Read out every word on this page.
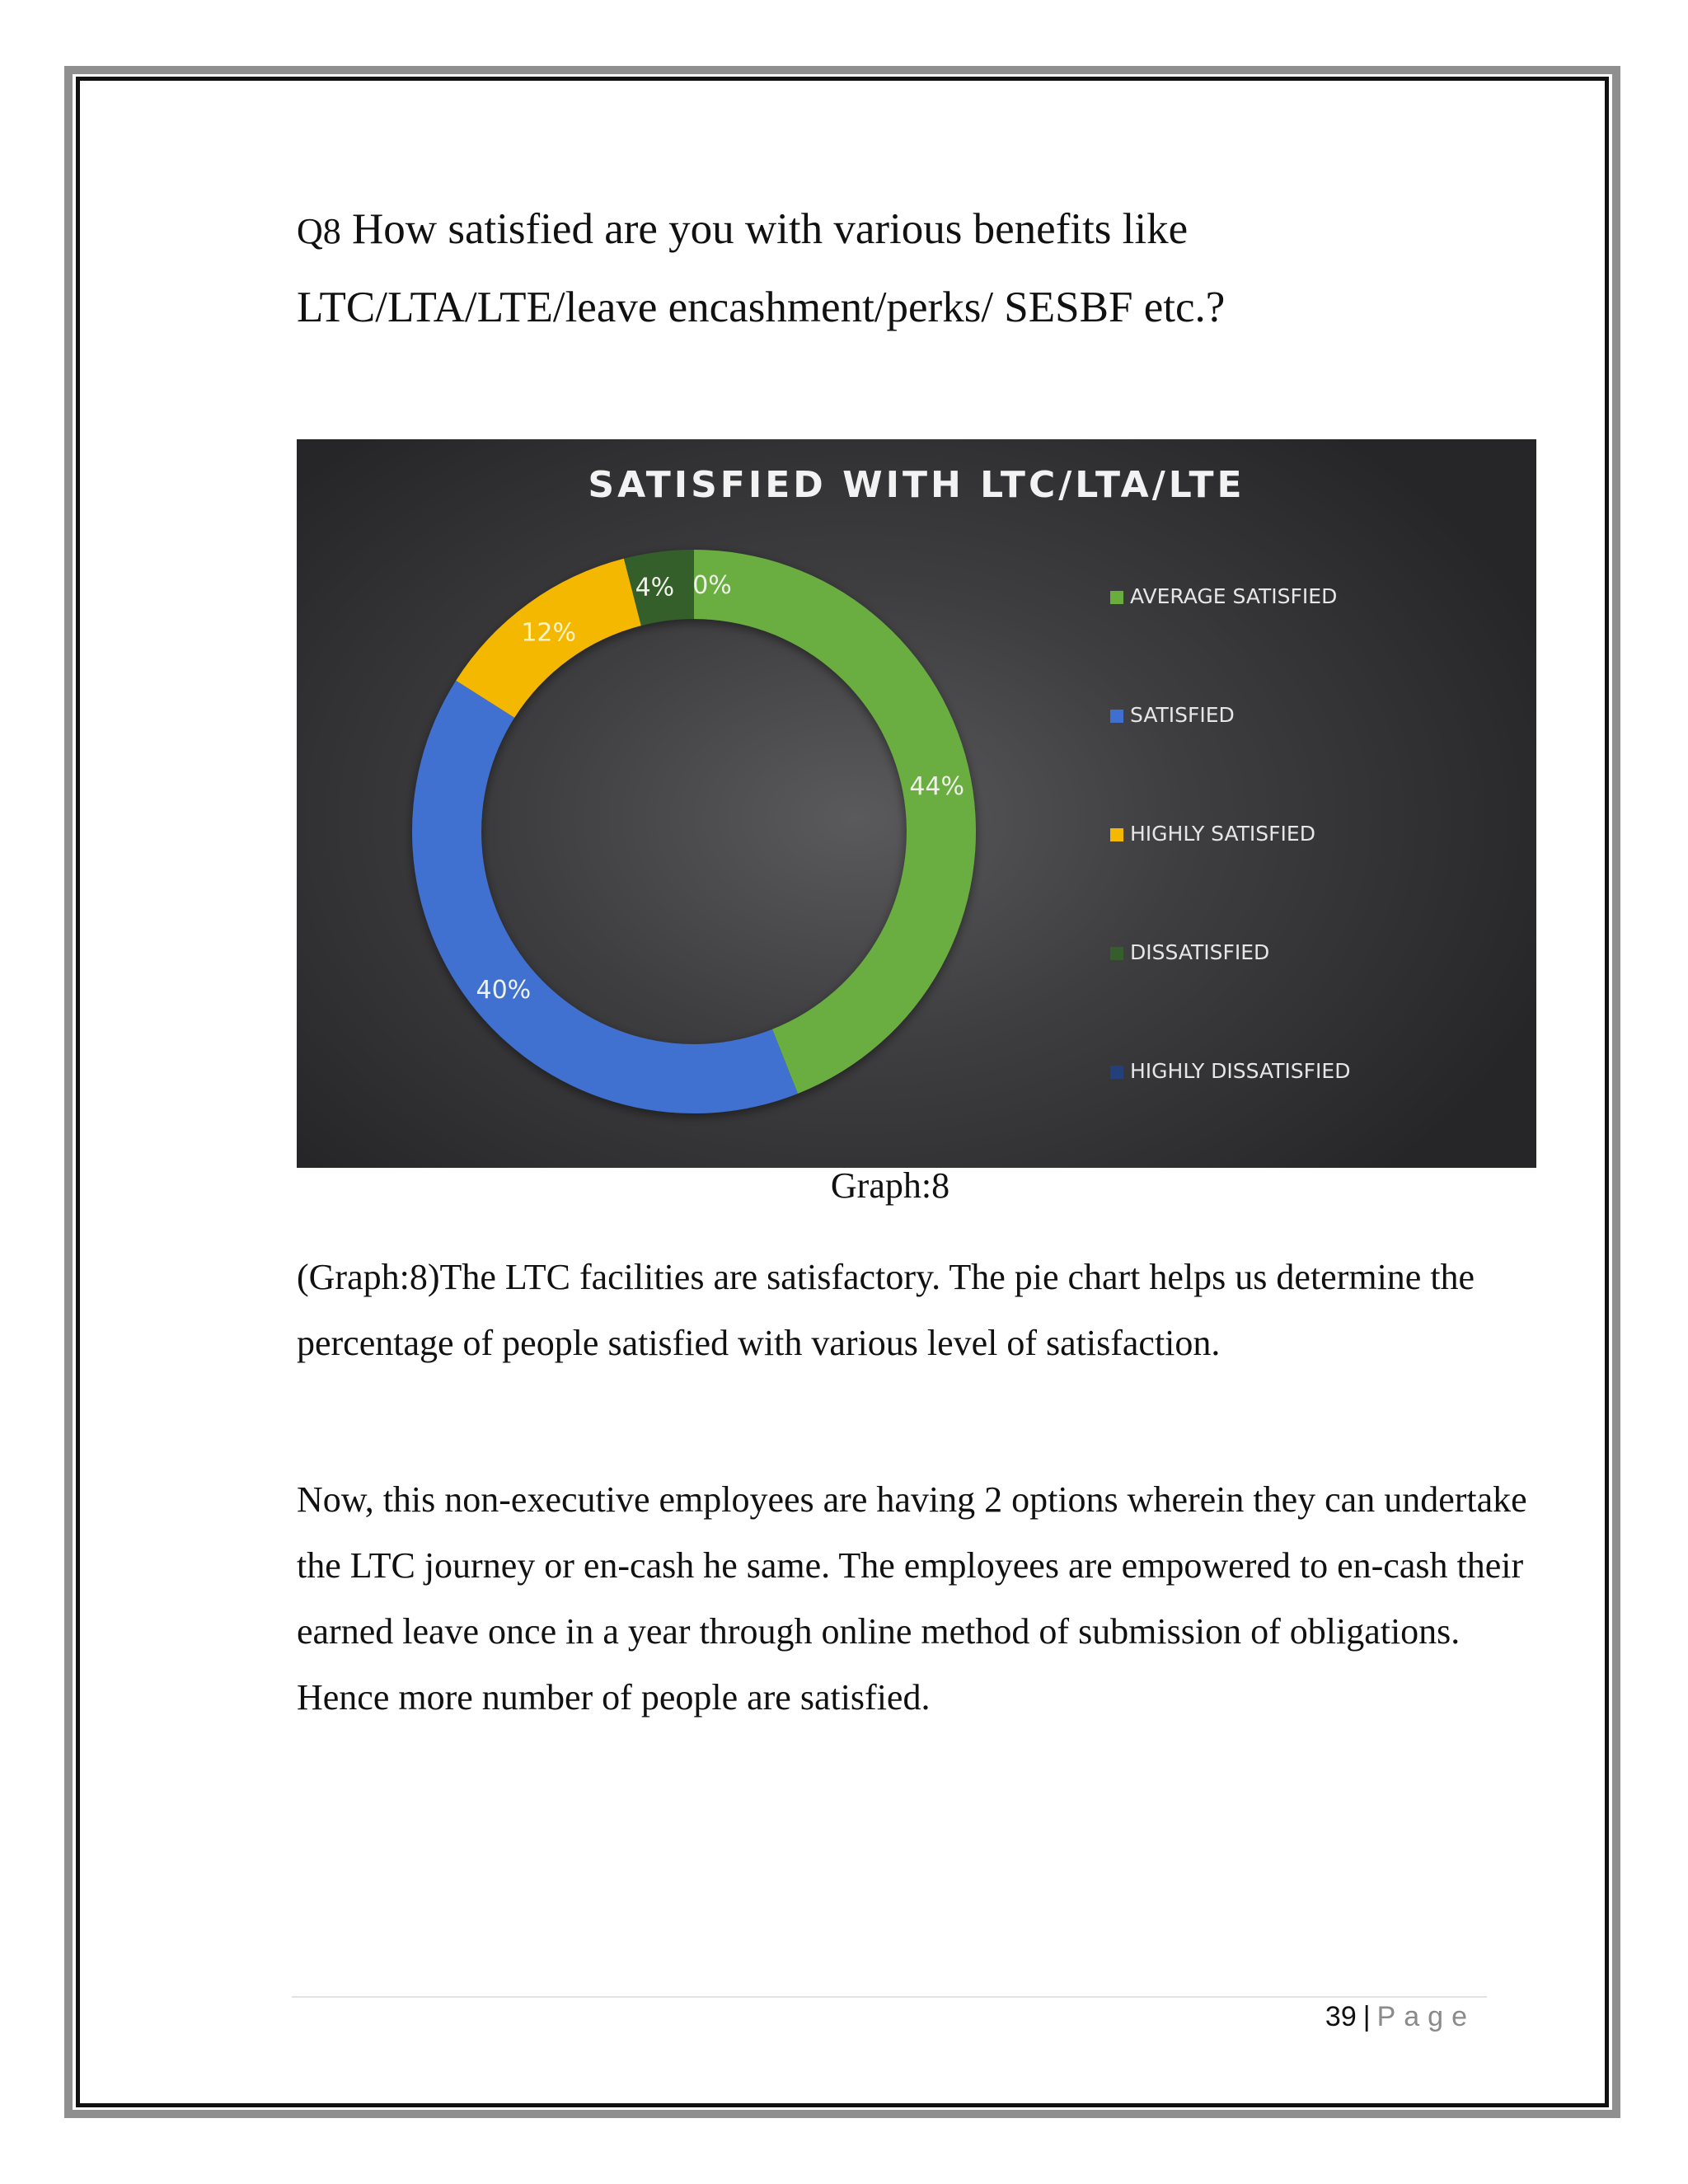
Q8 How satisfied are you with various benefits like
LTC/LTA/LTE/leave encashment/perks/ SESBF etc.?
44%
40%
12%
4% 0%
SATISFIED WITH LTC/LTA/LTE
AVERAGE SATISFIED
SATISFIED
HIGHLY SATISFIED
DISSATISFIED
HIGHLY DISSATISFIED
Graph:8

(Graph:8)The LTC facilities are satisfactory. The pie chart helps us determine the percentage of people satisfied with various level of satisfaction.

Now, this non-executive employees are having 2 options wherein they can undertake the LTC journey or en-cash he same. The employees are empowered to en-cash their earned leave once in a year through online method of submission of obligations. Hence more number of people are satisfied.

39 | Page
